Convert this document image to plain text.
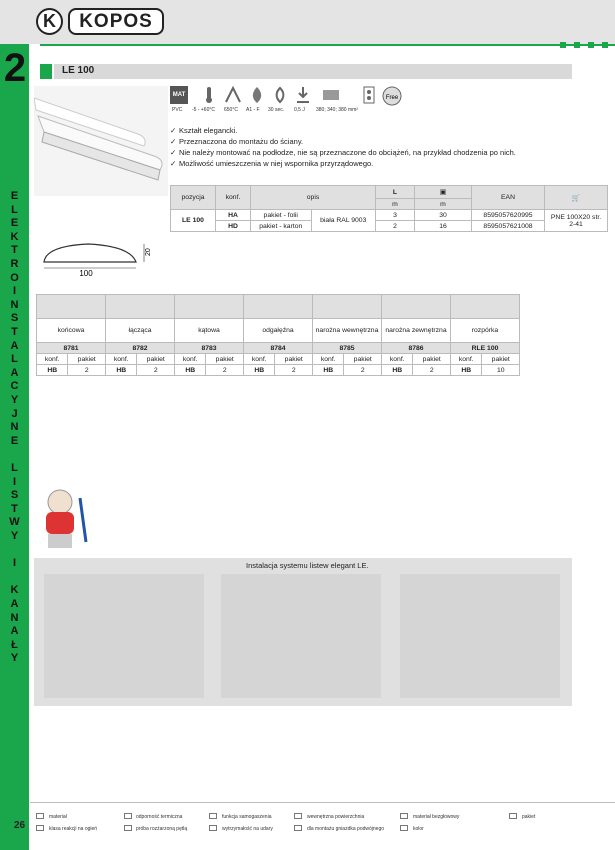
K	KOPOS
2
E
L
E
K
T
R
O
I
N
S
T
A
L
A
C
Y
J
N
E
L
I
S
T
W
Y
I
K
A
N
A
Ł
Y
LE 100
MAT	Free
PVC -5 - +60°C 650°C A1 - F 30 sec. 0,5 J 380; 340; 380 mm²

✓ Kształt elegancki.

✓ Przeznaczona do montażu do ściany.

✓ Nie należy montować na podłodze, nie są przeznaczone do obciążeń, na przykład chodzenia po nich.

✓ Możliwość umieszczenia w niej wspornika przyrządowego.

100
20
pozycja	konf.	opis		L	▣	EAN	🛒
				m	m		
LE 100	HA	pakiet - folii	biała RAL 9003	3	30	8595057620995	PNE 100X20 str. 2-41
	HD	pakiet - karton		2	16	8595057621008	

końcowa		łącząca		kątowa		odgałęźna		narożna wewnętrzna		narożna zewnętrzna		rozpórka	
8781		8782		8783		8784		8785		8786		RLE 100	
konf.	pakiet	konf.	pakiet	konf.	pakiet	konf.	pakiet	konf.	pakiet	konf.	pakiet	konf.	pakiet
HB	2	HB	2	HB	2	HB	2	HB	2	HB	2	HB	10
Instalacja systemu listew elegant LE.
materiał	odporność termiczna	funkcja samogaszenia	wewnętrzna powierzchnia	materiał bezgłowowy	pakiet
klasa reakcji na ogień	próba rozżarzoną pętlą	wytrzymałość na udary	dla montażu gniazdka podwójnego	kolor
26
